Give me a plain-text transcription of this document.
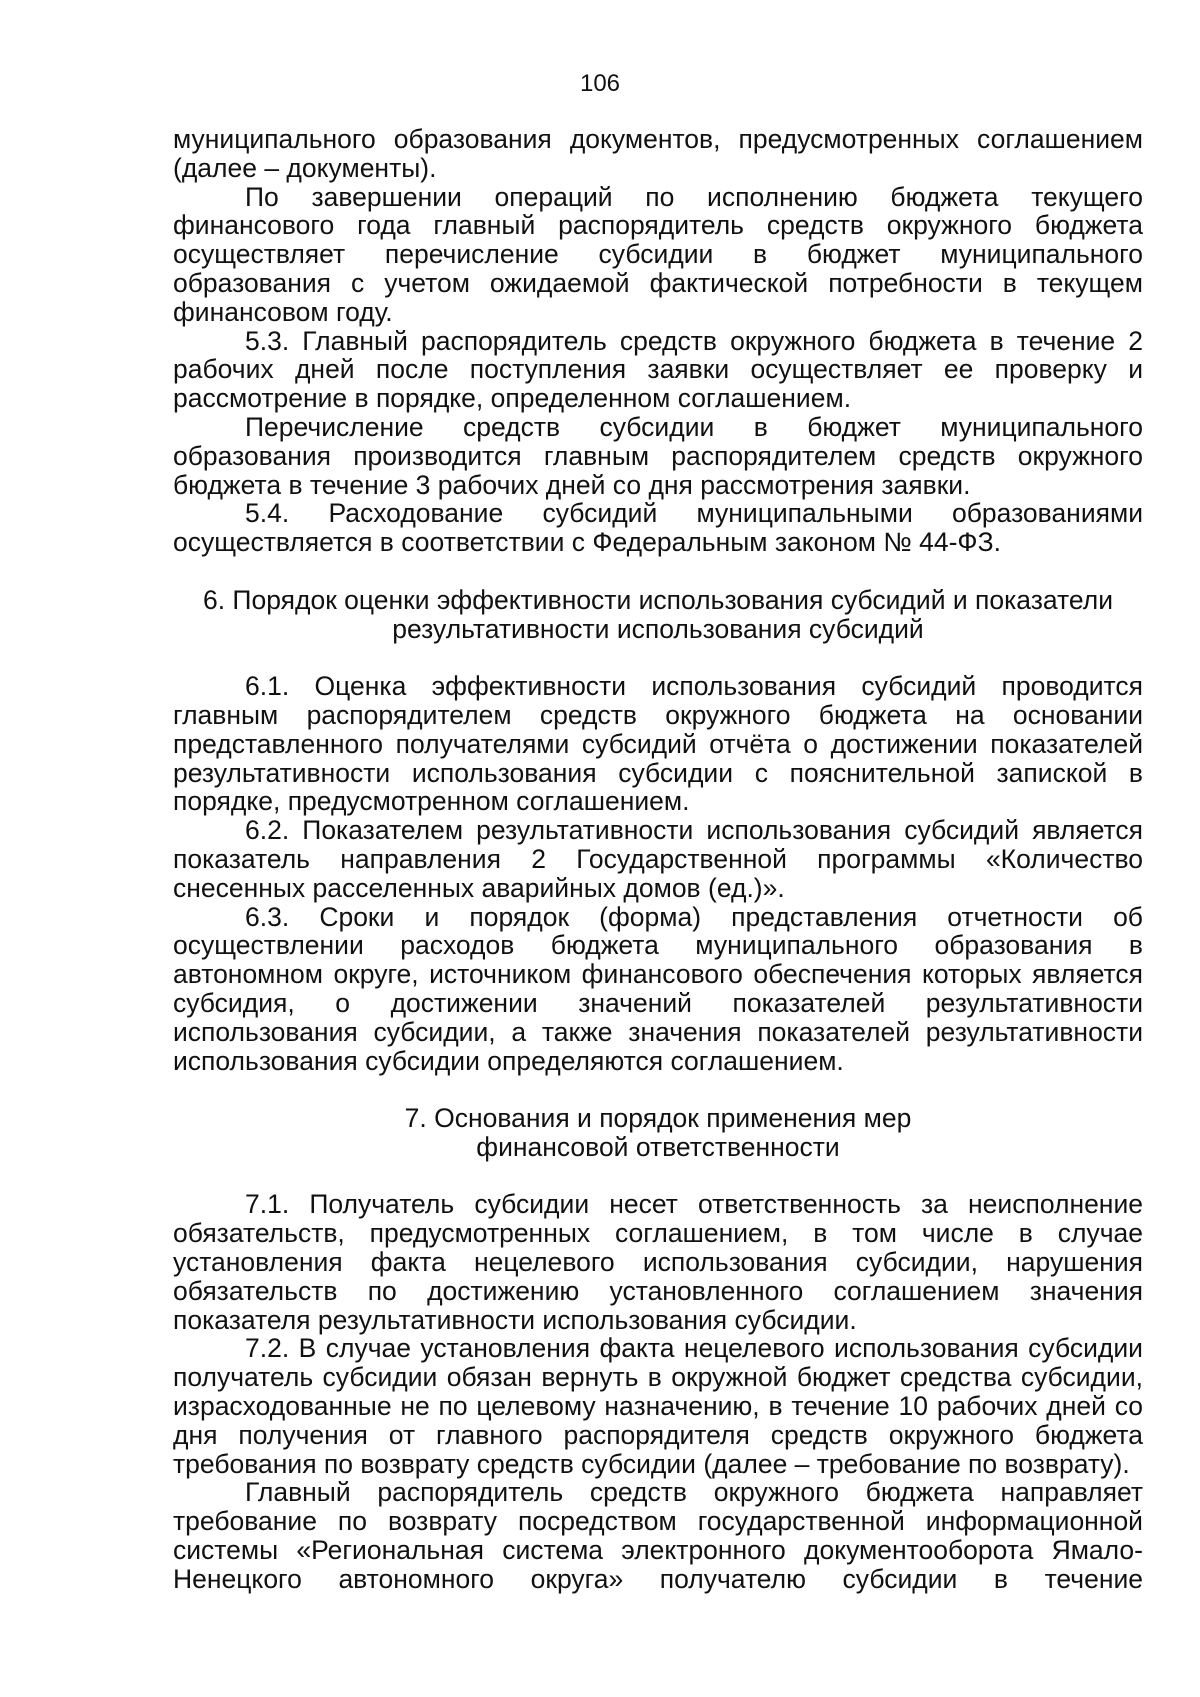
106

муниципального образования документов, предусмотренных соглашением (далее – документы).

По завершении операций по исполнению бюджета текущего финансового года главный распорядитель средств окружного бюджета осуществляет перечисление субсидии в бюджет муниципального образования с учетом ожидаемой фактической потребности в текущем финансовом году.

5.3. Главный распорядитель средств окружного бюджета в течение 2 рабочих дней после поступления заявки осуществляет ее проверку и рассмотрение в порядке, определенном соглашением.

Перечисление средств субсидии в бюджет муниципального образования производится главным распорядителем средств окружного бюджета в течение 3 рабочих дней со дня рассмотрения заявки.

5.4. Расходование субсидий муниципальными образованиями осуществляется в соответствии с Федеральным законом № 44-ФЗ.

6. Порядок оценки эффективности использования субсидий и показатели
результативности использования субсидий

6.1. Оценка эффективности использования субсидий проводится главным распорядителем средств окружного бюджета на основании представленного получателями субсидий отчёта о достижении показателей результативности использования субсидии с пояснительной запиской в порядке, предусмотренном соглашением.

6.2. Показателем результативности использования субсидий является показатель направления 2 Государственной программы «Количество снесенных расселенных аварийных домов (ед.)».

6.3. Сроки и порядок (форма) представления отчетности об осуществлении расходов бюджета муниципального образования в автономном округе, источником финансового обеспечения которых является субсидия, о достижении значений показателей результативности использования субсидии, а также значения показателей результативности использования субсидии определяются соглашением.

7. Основания и порядок применения мер
финансовой ответственности

7.1. Получатель субсидии несет ответственность за неисполнение обязательств, предусмотренных соглашением, в том числе в случае установления факта нецелевого использования субсидии, нарушения обязательств по достижению установленного соглашением значения показателя результативности использования субсидии.

7.2. В случае установления факта нецелевого использования субсидии получатель субсидии обязан вернуть в окружной бюджет средства субсидии, израсходованные не по целевому назначению, в течение 10 рабочих дней со дня получения от главного распорядителя средств окружного бюджета требования по возврату средств субсидии (далее – требование по возврату).

Главный распорядитель средств окружного бюджета направляет требование по возврату посредством государственной информационной системы «Региональная система электронного документооборота Ямало-Ненецкого автономного округа» получателю субсидии в течение
